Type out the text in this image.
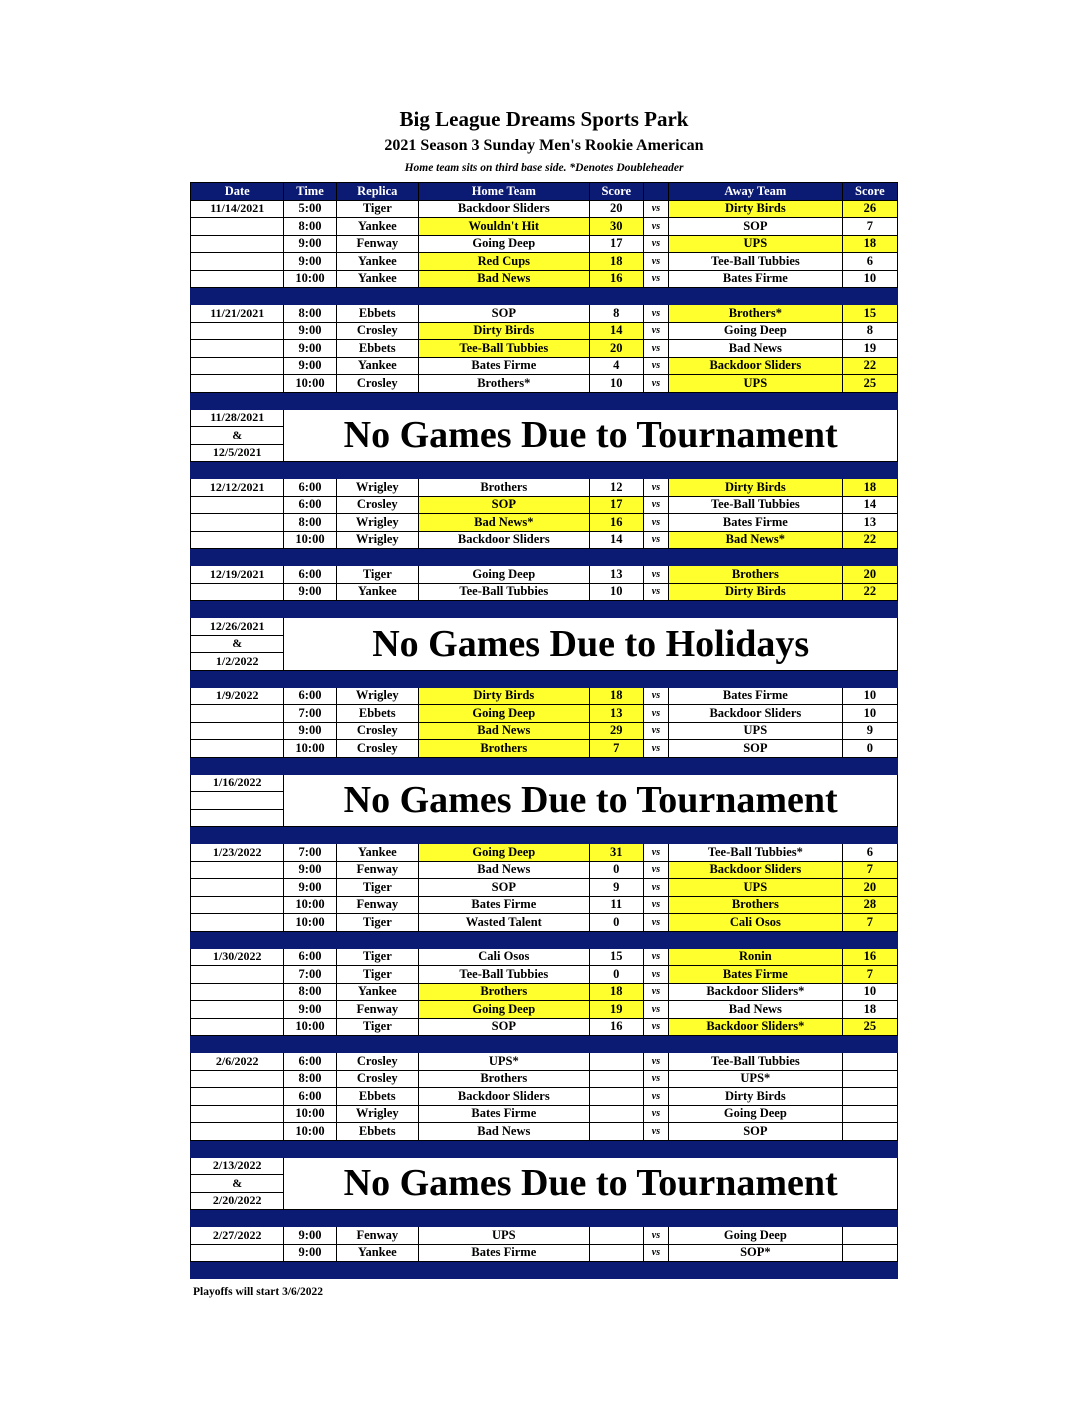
Big League Dreams Sports Park
2021 Season 3 Sunday Men's Rookie American
Home team sits on third base side. *Denotes Doubleheader
Date	Time	Replica	Home Team	Score		Away Team	Score
11/14/2021	5:00	Tiger	Backdoor Sliders	20	vs	Dirty Birds	26
	8:00	Yankee	Wouldn't Hit	30	vs	SOP	7
	9:00	Fenway	Going Deep	17	vs	UPS	18
	9:00	Yankee	Red Cups	18	vs	Tee-Ball Tubbies	6
	10:00	Yankee	Bad News	16	vs	Bates Firme	10

11/21/2021	8:00	Ebbets	SOP	8	vs	Brothers*	15
	9:00	Crosley	Dirty Birds	14	vs	Going Deep	8
	9:00	Ebbets	Tee-Ball Tubbies	20	vs	Bad News	19
	9:00	Yankee	Bates Firme	4	vs	Backdoor Sliders	22
	10:00	Crosley	Brothers*	10	vs	UPS	25

11/28/2021	No Games Due to Tournament						
&							
12/5/2021							

12/12/2021	6:00	Wrigley	Brothers	12	vs	Dirty Birds	18
	6:00	Crosley	SOP	17	vs	Tee-Ball Tubbies	14
	8:00	Wrigley	Bad News*	16	vs	Bates Firme	13
	10:00	Wrigley	Backdoor Sliders	14	vs	Bad News*	22

12/19/2021	6:00	Tiger	Going Deep	13	vs	Brothers	20
	9:00	Yankee	Tee-Ball Tubbies	10	vs	Dirty Birds	22

12/26/2021	No Games Due to Holidays						
&							
1/2/2022							

1/9/2022	6:00	Wrigley	Dirty Birds	18	vs	Bates Firme	10
	7:00	Ebbets	Going Deep	13	vs	Backdoor Sliders	10
	9:00	Crosley	Bad News	29	vs	UPS	9
	10:00	Crosley	Brothers	7	vs	SOP	0

1/16/2022	No Games Due to Tournament						

1/23/2022	7:00	Yankee	Going Deep	31	vs	Tee-Ball Tubbies*	6
	9:00	Fenway	Bad News	0	vs	Backdoor Sliders	7
	9:00	Tiger	SOP	9	vs	UPS	20
	10:00	Fenway	Bates Firme	11	vs	Brothers	28
	10:00	Tiger	Wasted Talent	0	vs	Cali Osos	7

1/30/2022	6:00	Tiger	Cali Osos	15	vs	Ronin	16
	7:00	Tiger	Tee-Ball Tubbies	0	vs	Bates Firme	7
	8:00	Yankee	Brothers	18	vs	Backdoor Sliders*	10
	9:00	Fenway	Going Deep	19	vs	Bad News	18
	10:00	Tiger	SOP	16	vs	Backdoor Sliders*	25

2/6/2022	6:00	Crosley	UPS*		vs	Tee-Ball Tubbies	
	8:00	Crosley	Brothers		vs	UPS*	
	6:00	Ebbets	Backdoor Sliders		vs	Dirty Birds	
	10:00	Wrigley	Bates Firme		vs	Going Deep	
	10:00	Ebbets	Bad News		vs	SOP	

2/13/2022	No Games Due to Tournament						
&							
2/20/2022							

2/27/2022	9:00	Fenway	UPS		vs	Going Deep	
	9:00	Yankee	Bates Firme		vs	SOP*	

Playoffs will start 3/6/2022
